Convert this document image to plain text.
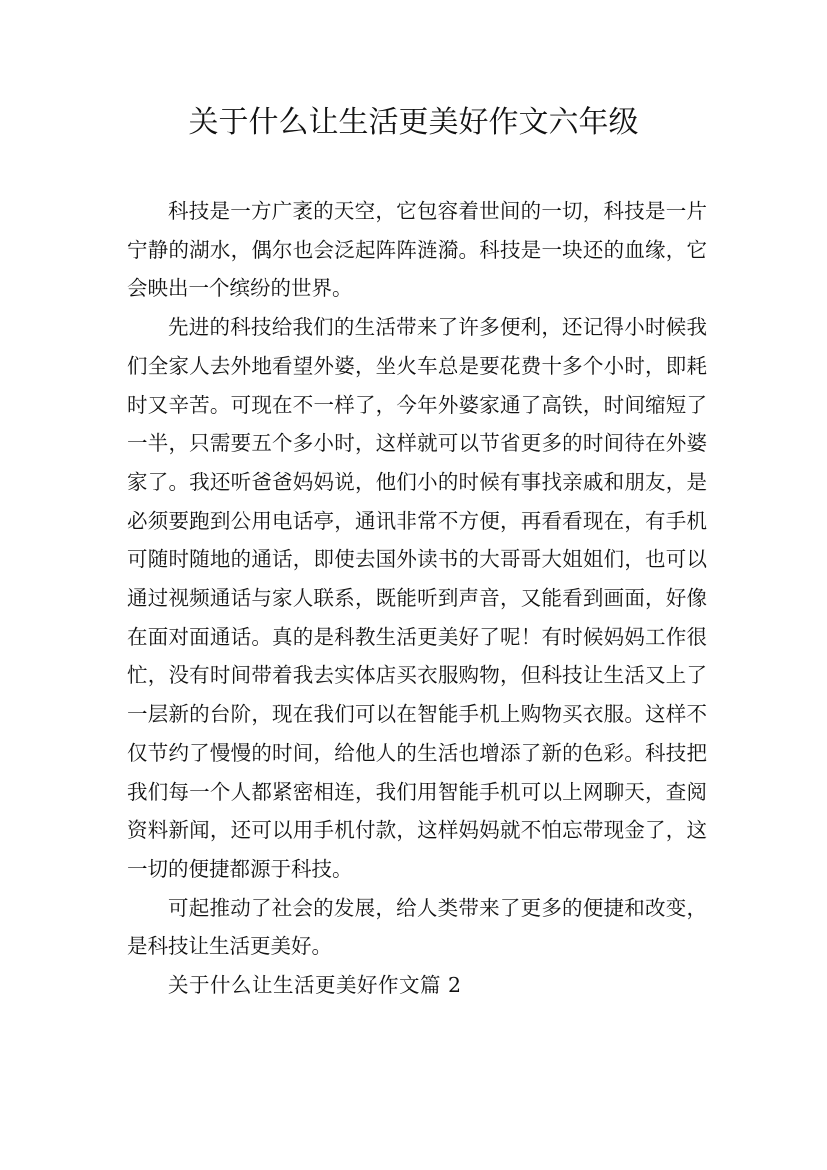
关于什么让生活更美好作文六年级

科技是一方广袤的天空，它包容着世间的一切，科技是一片宁静的湖水，偶尔也会泛起阵阵涟漪。科技是一块还的血缘，它会映出一个缤纷的世界。

先进的科技给我们的生活带来了许多便利，还记得小时候我们全家人去外地看望外婆，坐火车总是要花费十多个小时，即耗时又辛苦。可现在不一样了，今年外婆家通了高铁，时间缩短了一半，只需要五个多小时，这样就可以节省更多的时间待在外婆家了。我还听爸爸妈妈说，他们小的时候有事找亲戚和朋友，是必须要跑到公用电话亭，通讯非常不方便，再看看现在，有手机可随时随地的通话，即使去国外读书的大哥哥大姐姐们，也可以通过视频通话与家人联系，既能听到声音，又能看到画面，好像在面对面通话。真的是科教生活更美好了呢！有时候妈妈工作很忙，没有时间带着我去实体店买衣服购物，但科技让生活又上了一层新的台阶，现在我们可以在智能手机上购物买衣服。这样不仅节约了慢慢的时间，给他人的生活也增添了新的色彩。科技把我们每一个人都紧密相连，我们用智能手机可以上网聊天，查阅资料新闻，还可以用手机付款，这样妈妈就不怕忘带现金了，这一切的便捷都源于科技。

可起推动了社会的发展，给人类带来了更多的便捷和改变，是科技让生活更美好。

关于什么让生活更美好作文篇 2
